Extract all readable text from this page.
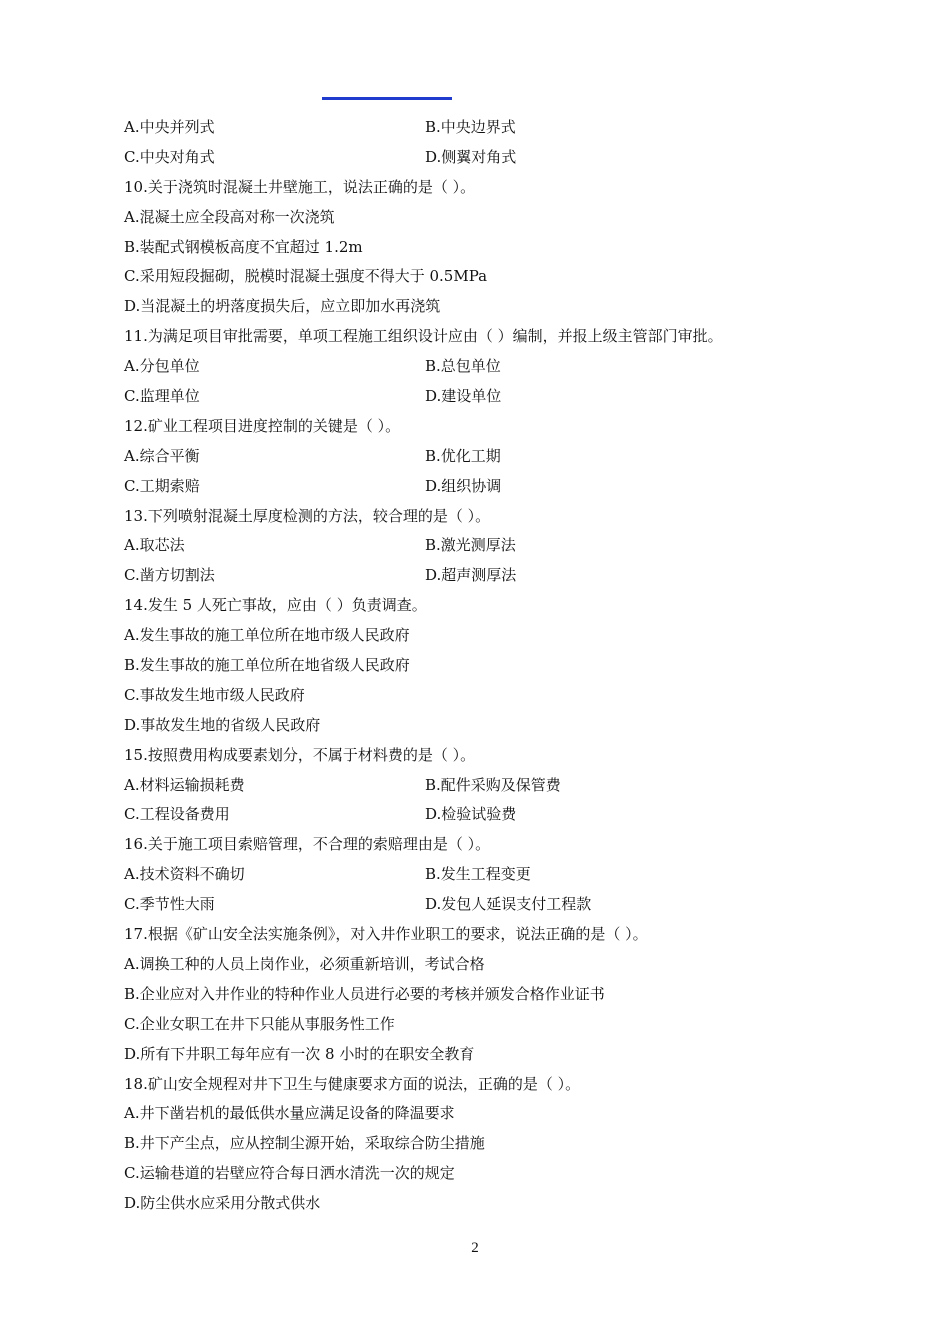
A.中央并列式	B.中央边界式
C.中央对角式	D.侧翼对角式
10.关于浇筑时混凝土井壁施工，说法正确的是（ ）。
A.混凝土应全段高对称一次浇筑
B.装配式钢模板高度不宜超过 1.2m
C.采用短段掘砌，脱模时混凝土强度不得大于 0.5MPa
D.当混凝土的坍落度损失后，应立即加水再浇筑
11.为满足项目审批需要，单项工程施工组织设计应由（ ）编制，并报上级主管部门审批。
A.分包单位	B.总包单位
C.监理单位	D.建设单位
12.矿业工程项目进度控制的关键是（ ）。
A.综合平衡	B.优化工期
C.工期索赔	D.组织协调
13.下列喷射混凝土厚度检测的方法，较合理的是（ ）。
A.取芯法	B.激光测厚法
C.凿方切割法	D.超声测厚法
14.发生 5 人死亡事故，应由（ ）负责调查。
A.发生事故的施工单位所在地市级人民政府
B.发生事故的施工单位所在地省级人民政府
C.事故发生地市级人民政府
D.事故发生地的省级人民政府
15.按照费用构成要素划分，不属于材料费的是（ ）。
A.材料运输损耗费	B.配件采购及保管费
C.工程设备费用	D.检验试验费
16.关于施工项目索赔管理，不合理的索赔理由是（ ）。
A.技术资料不确切	B.发生工程变更
C.季节性大雨	D.发包人延误支付工程款
17.根据《矿山安全法实施条例》，对入井作业职工的要求，说法正确的是（ ）。
A.调换工种的人员上岗作业，必须重新培训，考试合格
B.企业应对入井作业的特种作业人员进行必要的考核并颁发合格作业证书
C.企业女职工在井下只能从事服务性工作
D.所有下井职工每年应有一次 8 小时的在职安全教育
18.矿山安全规程对井下卫生与健康要求方面的说法，正确的是（ ）。
A.井下凿岩机的最低供水量应满足设备的降温要求
B.井下产尘点，应从控制尘源开始，采取综合防尘措施
C.运输巷道的岩壁应符合每日洒水清洗一次的规定
D.防尘供水应采用分散式供水
2
